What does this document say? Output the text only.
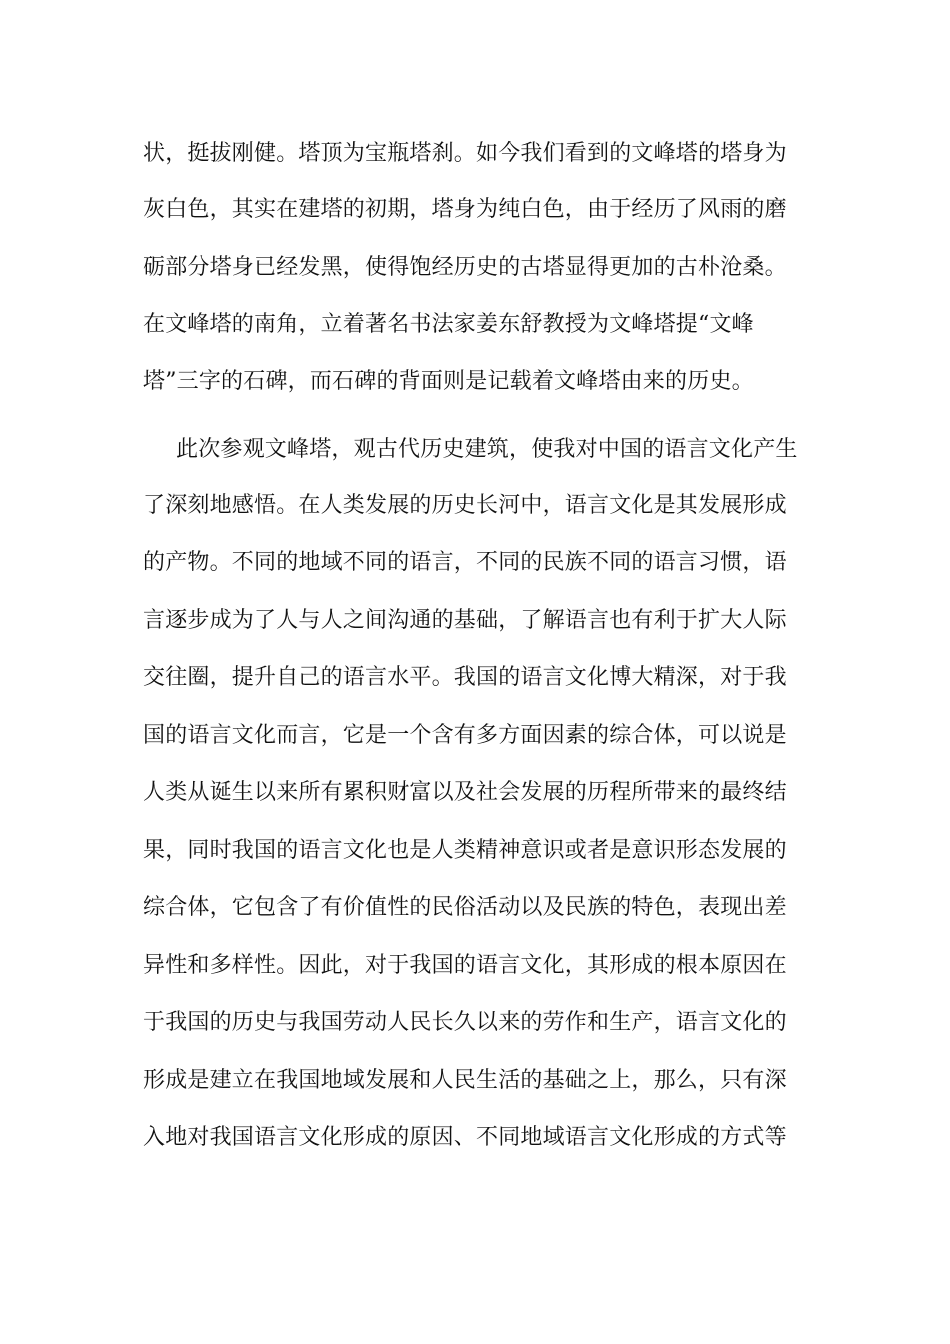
状，挺拔刚健。塔顶为宝瓶塔刹。如今我们看到的文峰塔的塔身为
灰白色，其实在建塔的初期，塔身为纯白色，由于经历了风雨的磨
砺部分塔身已经发黑，使得饱经历史的古塔显得更加的古朴沧桑。
在文峰塔的南角，立着著名书法家姜东舒教授为文峰塔提“文峰
塔”三字的石碑，而石碑的背面则是记载着文峰塔由来的历史。
此次参观文峰塔，观古代历史建筑，使我对中国的语言文化产生
了深刻地感悟。在人类发展的历史长河中，语言文化是其发展形成
的产物。不同的地域不同的语言，不同的民族不同的语言习惯，语
言逐步成为了人与人之间沟通的基础，了解语言也有利于扩大人际
交往圈，提升自己的语言水平。我国的语言文化博大精深，对于我
国的语言文化而言，它是一个含有多方面因素的综合体，可以说是
人类从诞生以来所有累积财富以及社会发展的历程所带来的最终结
果，同时我国的语言文化也是人类精神意识或者是意识形态发展的
综合体，它包含了有价值性的民俗活动以及民族的特色，表现出差
异性和多样性。因此，对于我国的语言文化，其形成的根本原因在
于我国的历史与我国劳动人民长久以来的劳作和生产，语言文化的
形成是建立在我国地域发展和人民生活的基础之上，那么，只有深
入地对我国语言文化形成的原因、不同地域语言文化形成的方式等
